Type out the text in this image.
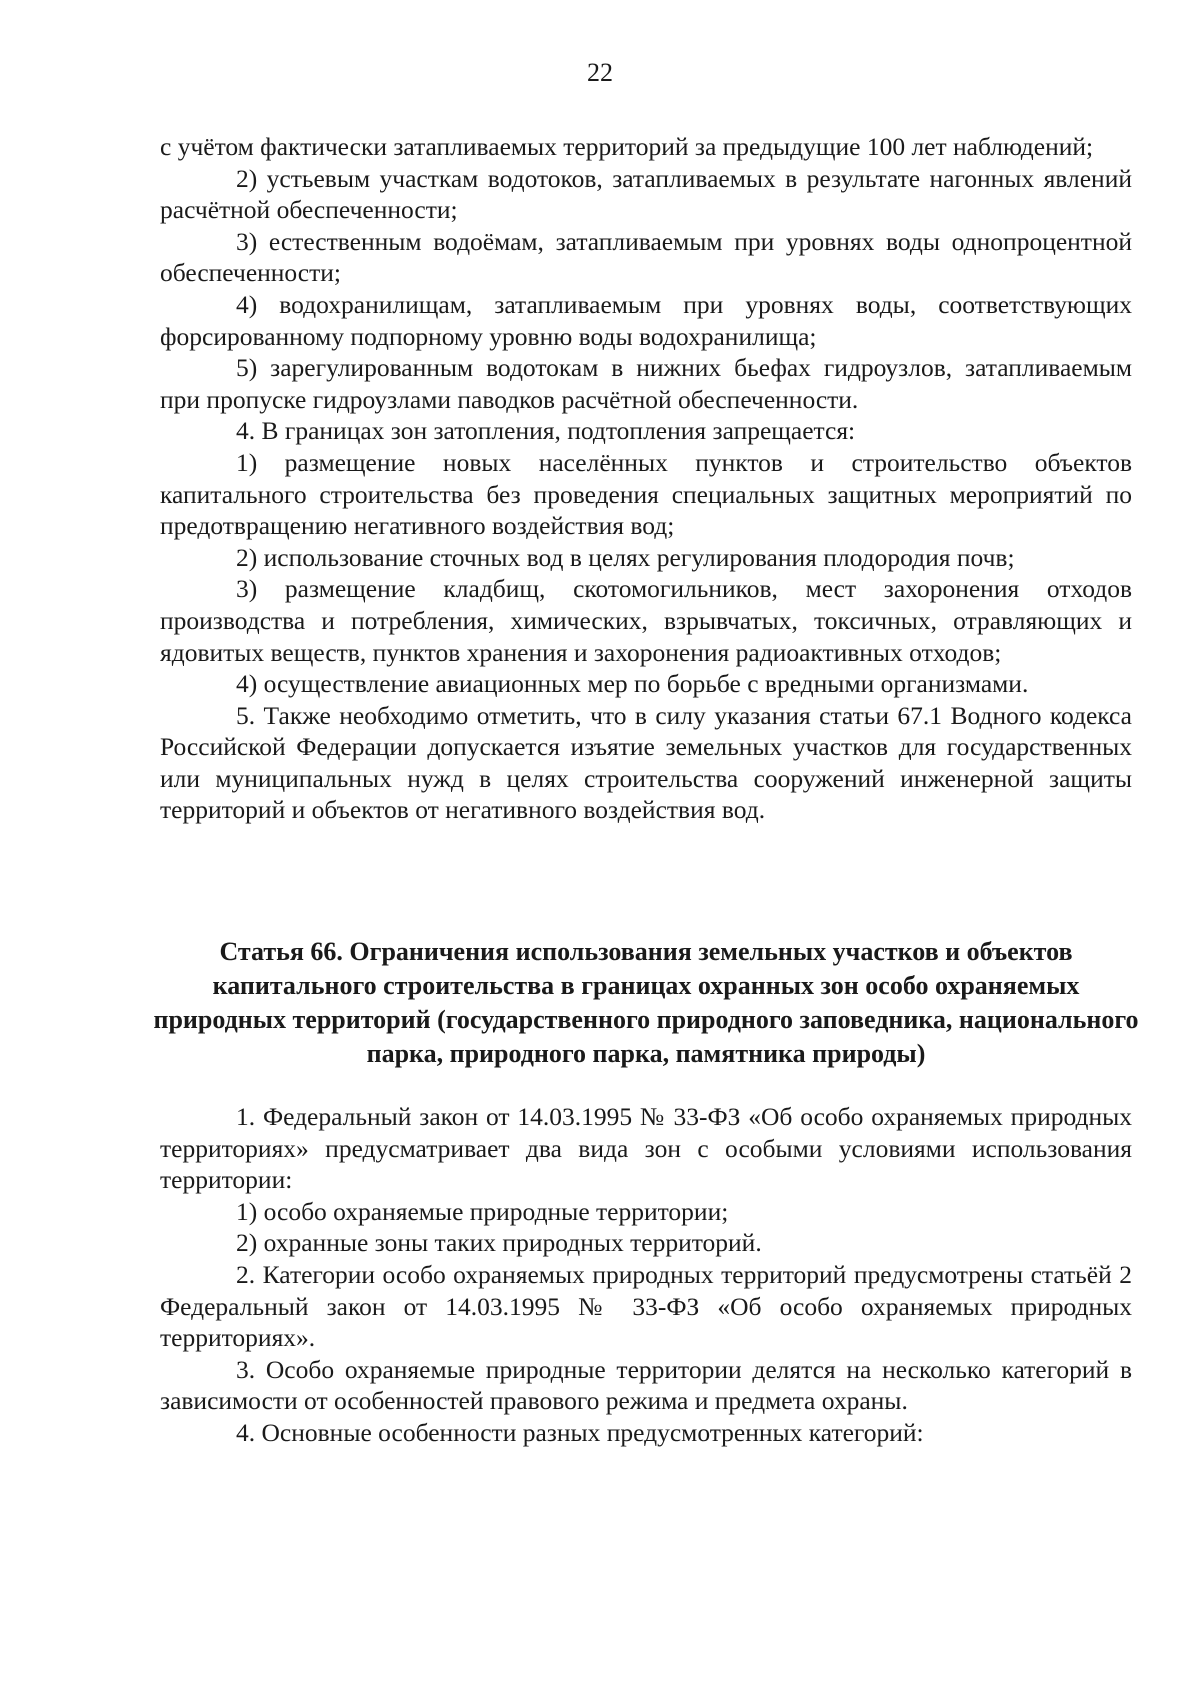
22

с учётом фактически затапливаемых территорий за предыдущие 100 лет наблюдений;

2) устьевым участкам водотоков, затапливаемых в результате нагонных явлений расчётной обеспеченности;

3) естественным водоёмам, затапливаемым при уровнях воды однопроцентной обеспеченности;

4) водохранилищам, затапливаемым при уровнях воды, соответствующих форсированному подпорному уровню воды водохранилища;

5) зарегулированным водотокам в нижних бьефах гидроузлов, затапливаемым при пропуске гидроузлами паводков расчётной обеспеченности.

4. В границах зон затопления, подтопления запрещается:

1) размещение новых населённых пунктов и строительство объектов капитального строительства без проведения специальных защитных мероприятий по предотвращению негативного воздействия вод;

2) использование сточных вод в целях регулирования плодородия почв;

3) размещение кладбищ, скотомогильников, мест захоронения отходов производства и потребления, химических, взрывчатых, токсичных, отравляющих и ядовитых веществ, пунктов хранения и захоронения радиоактивных отходов;

4) осуществление авиационных мер по борьбе с вредными организмами.

5. Также необходимо отметить, что в силу указания статьи 67.1 Водного кодекса Российской Федерации допускается изъятие земельных участков для государственных или муниципальных нужд в целях строительства сооружений инженерной защиты территорий и объектов от негативного воздействия вод.

Статья 66. Ограничения использования земельных участков и объектов капитального строительства в границах охранных зон особо охраняемых природных территорий (государственного природного заповедника, национального парка, природного парка, памятника природы)

1. Федеральный закон от 14.03.1995 № 33-ФЗ «Об особо охраняемых природных территориях» предусматривает два вида зон с особыми условиями использования территории:

1) особо охраняемые природные территории;

2) охранные зоны таких природных территорий.

2. Категории особо охраняемых природных территорий предусмотрены статьёй 2 Федеральный закон от 14.03.1995 № 33-ФЗ «Об особо охраняемых природных территориях».

3. Особо охраняемые природные территории делятся на несколько категорий в зависимости от особенностей правового режима и предмета охраны.

4. Основные особенности разных предусмотренных категорий:
